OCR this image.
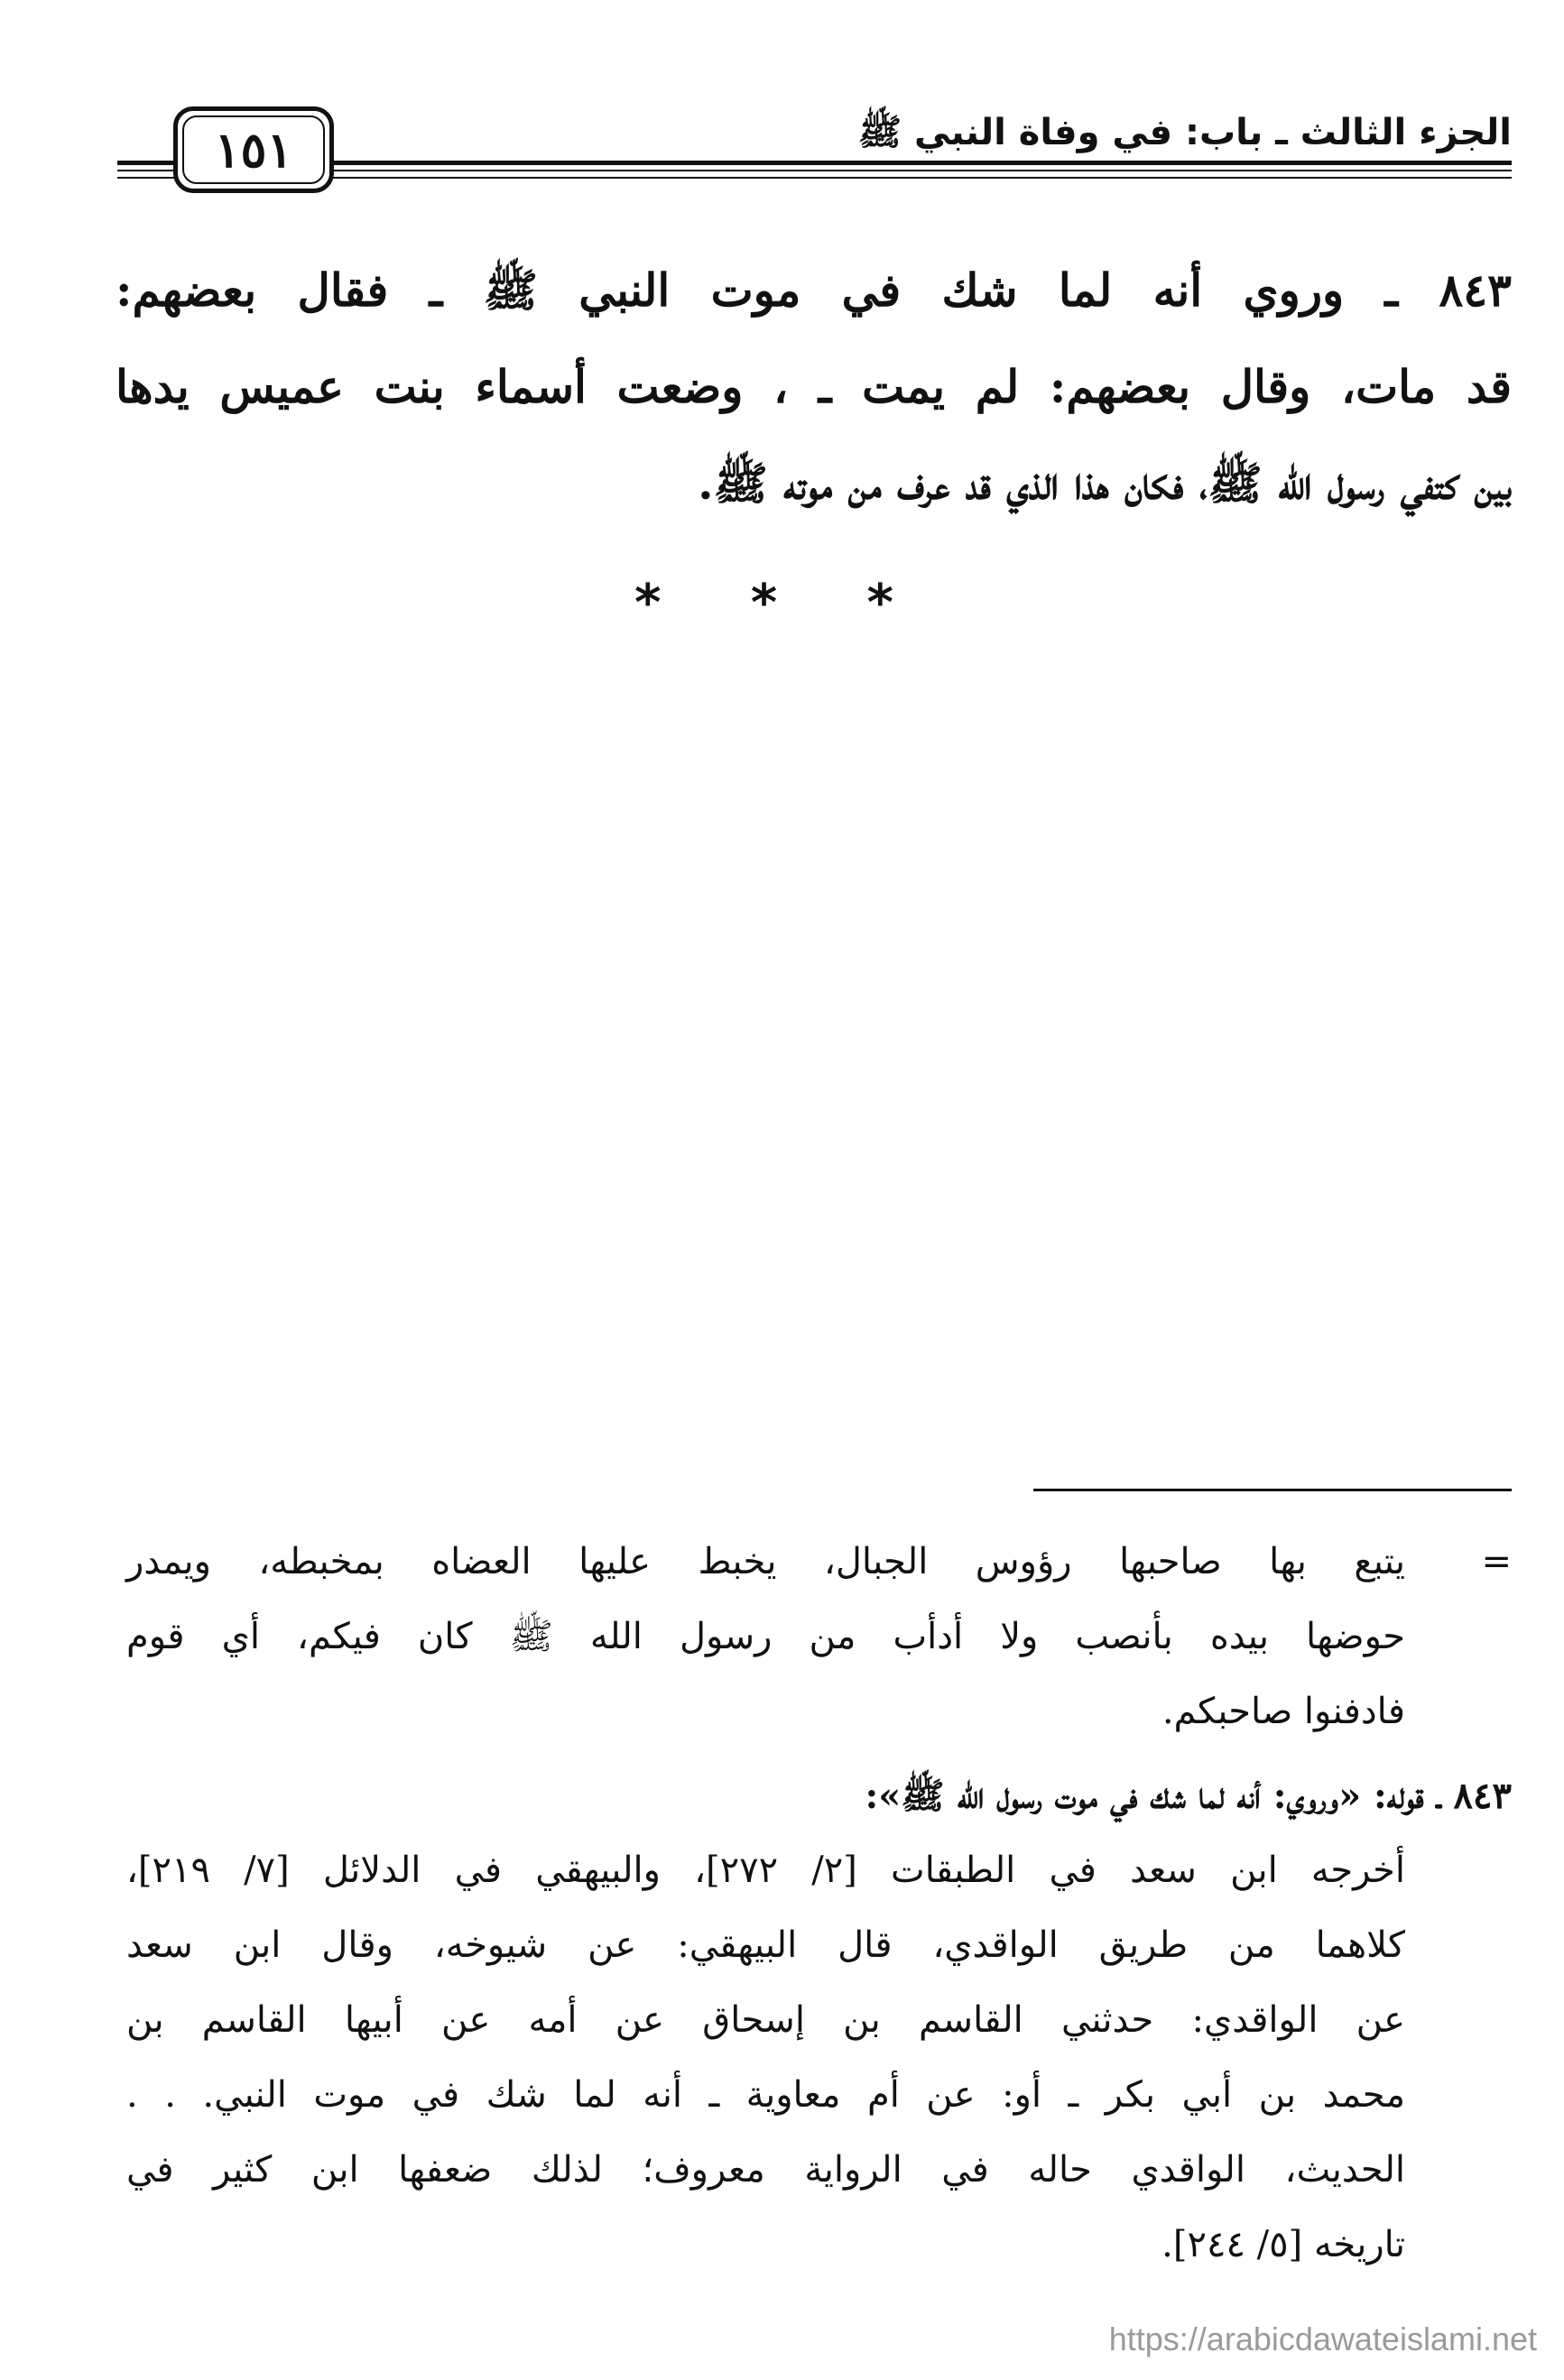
الجزء الثالث ـ باب: في وفاة النبي ﷺ
١٥١

٨٤٣ ـ وروي أنه لما شك في موت النبي ﷺ ـ فقال بعضهم:
قد مات، وقال بعضهم: لم يمت ـ ، وضعت أسماء بنت عميس يدها
بين كتفي رسول الله ﷺ، فكان هذا الذي قد عرف من موته ﷺ.

* * *
=
يتبع بها صاحبها رؤوس الجبال، يخبط عليها العضاه بمخبطه، ويمدر
حوضها بيده بأنصب ولا أدأب من رسول الله ﷺ كان فيكم، أي قوم
فادفنوا صاحبكم.
٨٤٣ ـ قوله: «وروي: أنه لما شك في موت رسول الله ﷺ»:
أخرجه ابن سعد في الطبقات [٢/ ٢٧٢]، والبيهقي في الدلائل [٧/ ٢١٩]،
كلاهما من طريق الواقدي، قال البيهقي: عن شيوخه، وقال ابن سعد
عن الواقدي: حدثني القاسم بن إسحاق عن أمه عن أبيها القاسم بن
محمد بن أبي بكر ـ أو: عن أم معاوية ـ أنه لما شك في موت النبي. . .
الحديث، الواقدي حاله في الرواية معروف؛ لذلك ضعفها ابن كثير في
تاريخه [٥/ ٢٤٤].
https://arabicdawateislami.net
